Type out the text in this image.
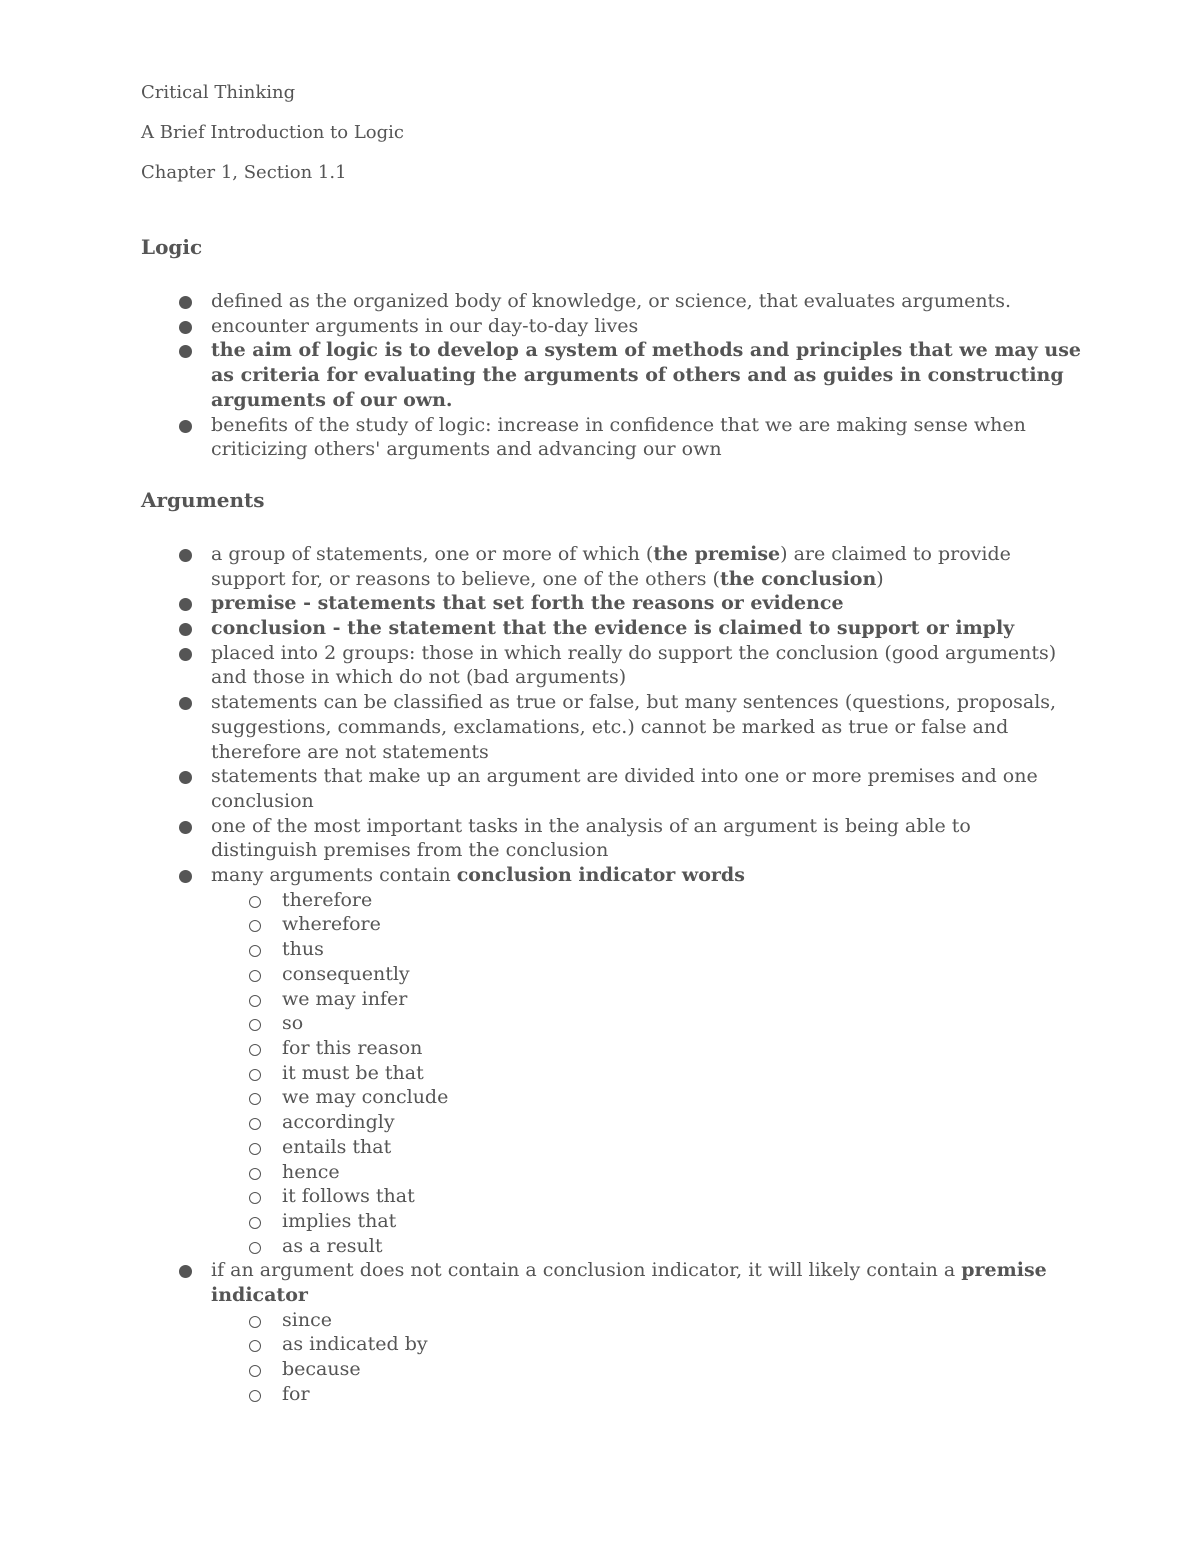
Critical Thinking

A Brief Introduction to Logic

Chapter 1, Section 1.1

Logic

defined as the organized body of knowledge, or science, that evaluates arguments.
encounter arguments in our day-to-day lives
the aim of logic is to develop a system of methods and principles that we may use as criteria for evaluating the arguments of others and as guides in constructing arguments of our own.
benefits of the study of logic: increase in confidence that we are making sense when criticizing others' arguments and advancing our own

Arguments

a group of statements, one or more of which (the premise) are claimed to provide support for, or reasons to believe, one of the others (the conclusion)
premise - statements that set forth the reasons or evidence
conclusion - the statement that the evidence is claimed to support or imply
placed into 2 groups: those in which really do support the conclusion (good arguments) and those in which do not (bad arguments)
statements can be classified as true or false, but many sentences (questions, proposals, suggestions, commands, exclamations, etc.) cannot be marked as true or false and therefore are not statements
statements that make up an argument are divided into one or more premises and one conclusion
one of the most important tasks in the analysis of an argument is being able to distinguish premises from the conclusion
many arguments contain conclusion indicator words
therefore
wherefore
thus
consequently
we may infer
so
for this reason
it must be that
we may conclude
accordingly
entails that
hence
it follows that
implies that
as a result
if an argument does not contain a conclusion indicator, it will likely contain a premise indicator
since
as indicated by
because
for
